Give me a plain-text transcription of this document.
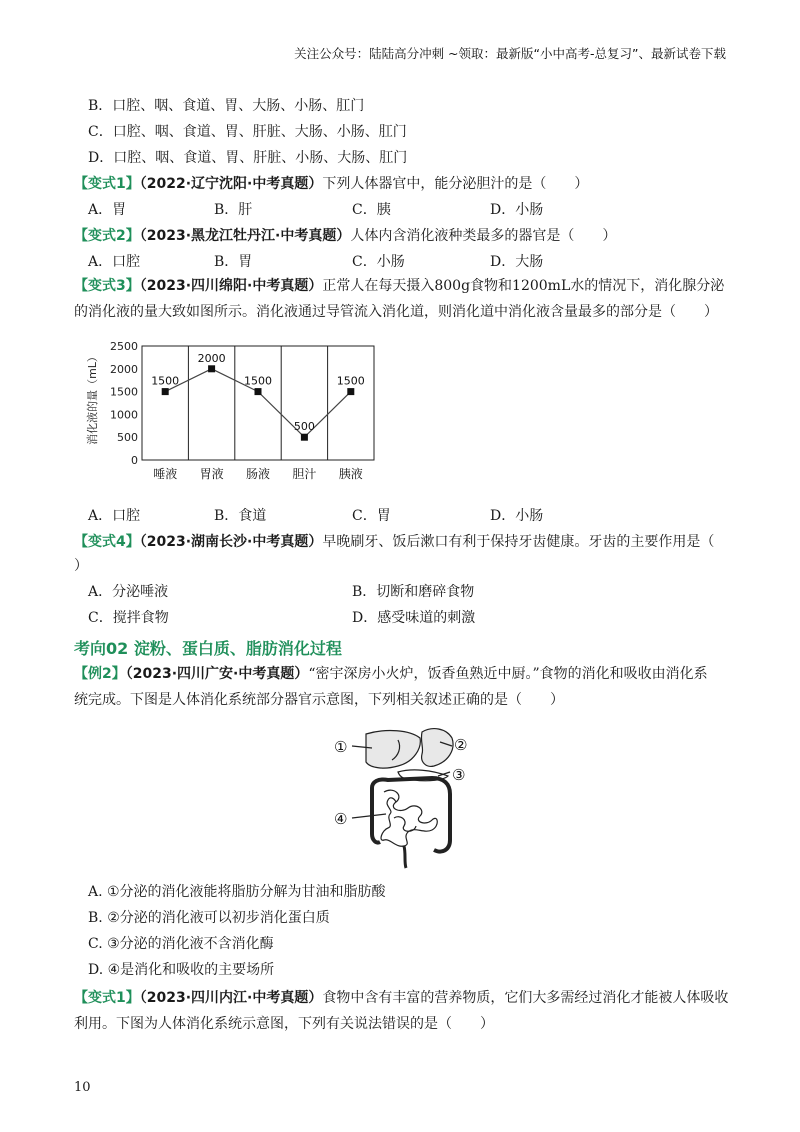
关注公众号：陆陆高分冲刺 ~领取：最新版“小中高考-总复习”、最新试卷下载
B．口腔、咽、食道、胃、大肠、小肠、肛门
C．口腔、咽、食道、胃、肝脏、大肠、小肠、肛门
D．口腔、咽、食道、胃、肝脏、小肠、大肠、肛门
【变式1】（2022·辽宁沈阳·中考真题）下列人体器官中，能分泌胆汁的是（　　）
A．胃	B．肝	C．胰	D．小肠
【变式2】（2023·黑龙江牡丹江·中考真题）人体内含消化液种类最多的器官是（　　）
A．口腔	B．胃	C．小肠	D．大肠
【变式3】（2023·四川绵阳·中考真题）正常人在每天摄入800g食物和1200mL水的情况下，消化腺分泌
的消化液的量大致如图所示。消化液通过导管流入消化道，则消化道中消化液含量最多的部分是（　　）
0
500
1000
1500
2000
2500
消化液的量（mL）	1500
2000
1500
500
1500
唾液 胃液 肠液 胆汁 胰液
A．口腔	B．食道	C．胃	D．小肠
【变式4】（2023·湖南长沙·中考真题）早晚刷牙、饭后漱口有利于保持牙齿健康。牙齿的主要作用是（
）
A．分泌唾液	B．切断和磨碎食物
C．搅拌食物	D．感受味道的刺激
考向02 淀粉、蛋白质、脂肪消化过程
【例2】（2023·四川广安·中考真题）“密宇深房小火炉，饭香鱼熟近中厨。”食物的消化和吸收由消化系
统完成。下图是人体消化系统部分器官示意图，下列相关叙述正确的是（　　）
①	②
③
④
A. ①分泌的消化液能将脂肪分解为甘油和脂肪酸
B. ②分泌的消化液可以初步消化蛋白质
C. ③分泌的消化液不含消化酶
D. ④是消化和吸收的主要场所
【变式1】（2023·四川内江·中考真题）食物中含有丰富的营养物质，它们大多需经过消化才能被人体吸收
利用。下图为人体消化系统示意图，下列有关说法错误的是（　　）
10
